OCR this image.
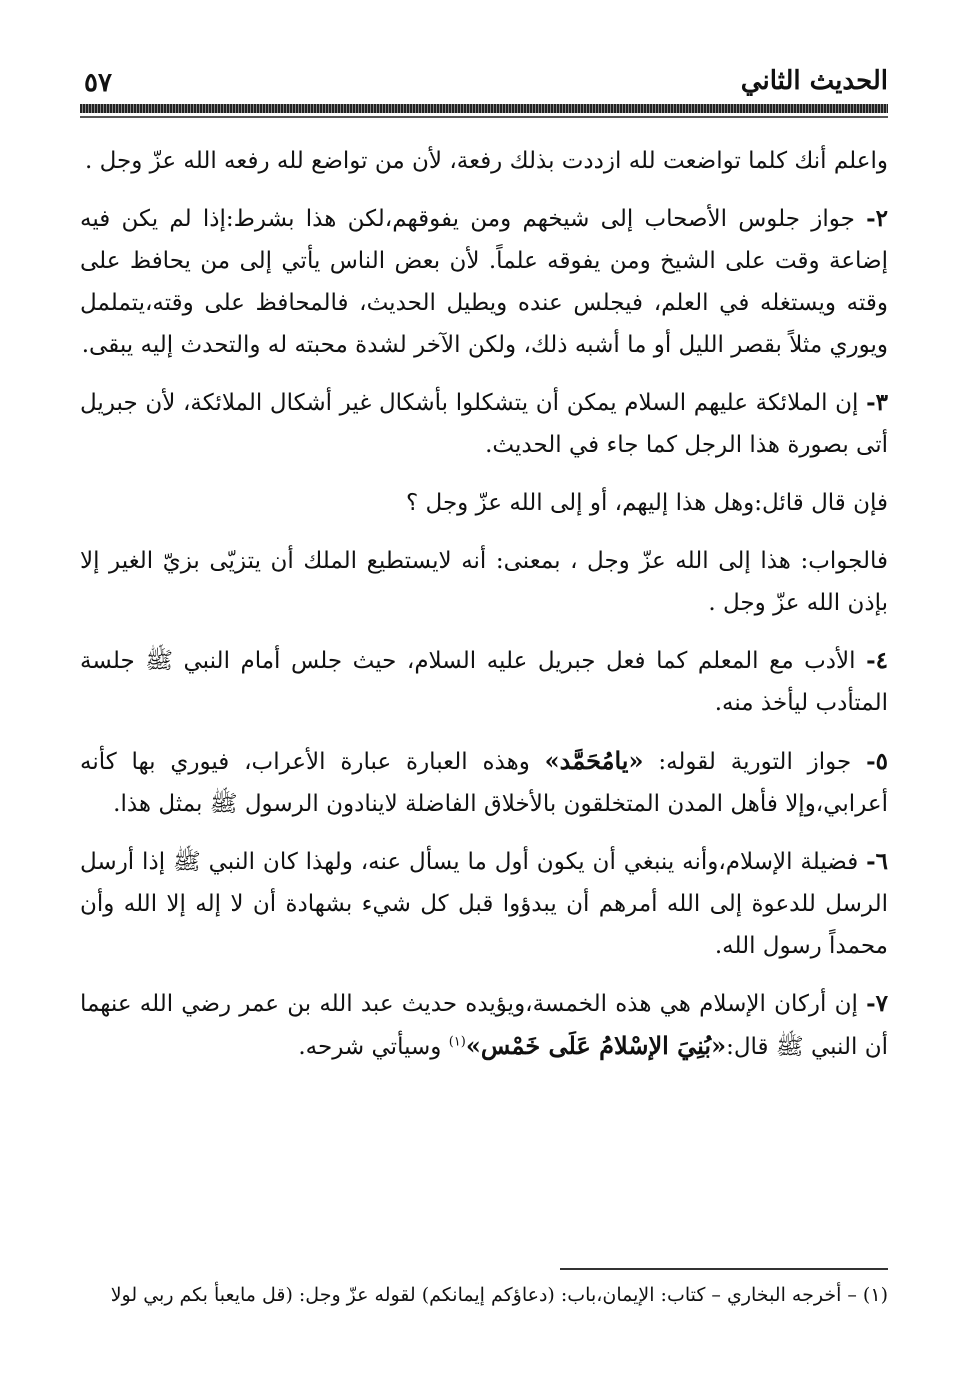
الحديث الثاني
٥٧

واعلم أنك كلما تواضعت لله ازددت بذلك رفعة، لأن من تواضع لله رفعه الله عزّ وجل .

٢- جواز جلوس الأصحاب إلى شيخهم ومن يفوقهم،لكن هذا بشرط:إذا لم يكن فيه إضاعة وقت على الشيخ ومن يفوقه علماً. لأن بعض الناس يأتي إلى من يحافظ على وقته ويستغله في العلم، فيجلس عنده ويطيل الحديث، فالمحافظ على وقته،يتململ ويوري مثلاً بقصر الليل أو ما أشبه ذلك، ولكن الآخر لشدة محبته له والتحدث إليه يبقى.

٣- إن الملائكة عليهم السلام يمكن أن يتشكلوا بأشكال غير أشكال الملائكة، لأن جبريل أتى بصورة هذا الرجل كما جاء في الحديث.

فإن قال قائل:وهل هذا إليهم، أو إلى الله عزّ وجل ؟

فالجواب: هذا إلى الله عزّ وجل ، بمعنى: أنه لايستطيع الملك أن يتزيّى بزيّ الغير إلا بإذن الله عزّ وجل .

٤- الأدب مع المعلم كما فعل جبريل عليه السلام، حيث جلس أمام النبي ﷺ جلسة المتأدب ليأخذ منه.

٥- جواز التورية لقوله: «يامُحَمَّد» وهذه العبارة عبارة الأعراب، فيوري بها كأنه أعرابي،وإلا فأهل المدن المتخلقون بالأخلاق الفاضلة لاينادون الرسول ﷺ بمثل هذا.

٦- فضيلة الإسلام،وأنه ينبغي أن يكون أول ما يسأل عنه، ولهذا كان النبي ﷺ إذا أرسل الرسل للدعوة إلى الله أمرهم أن يبدؤوا قبل كل شيء بشهادة أن لا إله إلا الله وأن محمداً رسول الله.

٧- إن أركان الإسلام هي هذه الخمسة،ويؤيده حديث عبد الله بن عمر رضي الله عنهما أن النبي ﷺ قال:«بُنِيَ الإسْلامُ عَلَى خَمْس»$^{(١)}$ وسيأتي شرحه.

(١) – أخرجه البخاري – كتاب: الإيمان،باب: (دعاؤكم إيمانكم) لقوله عزّ وجل: (قل مايعبأ بكم ربي لولا
